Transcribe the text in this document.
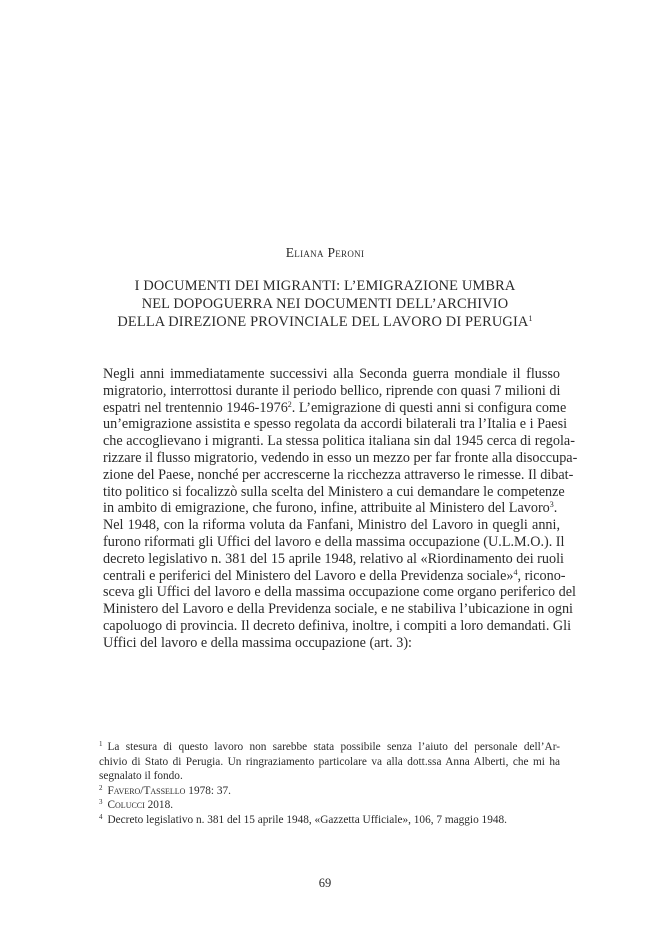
Eliana Peroni
I DOCUMENTI DEI MIGRANTI: L’EMIGRAZIONE UMBRA
NEL DOPOGUERRA NEI DOCUMENTI DELL’ARCHIVIO
DELLA DIREZIONE PROVINCIALE DEL LAVORO DI PERUGIA$^1$

Negli anni immediatamente successivi alla Seconda guerra mondiale il flusso
migratorio, interrottosi durante il periodo bellico, riprende con quasi 7 milioni di
espatri nel trentennio 1946-1976$^2$. L’emigrazione di questi anni si configura come
un’emigrazione assistita e spesso regolata da accordi bilaterali tra l’Italia e i Paesi
che accoglievano i migranti. La stessa politica italiana sin dal 1945 cerca di regola-
rizzare il flusso migratorio, vedendo in esso un mezzo per far fronte alla disoccupa-
zione del Paese, nonché per accrescerne la ricchezza attraverso le rimesse. Il dibat-
tito politico si focalizzò sulla scelta del Ministero a cui demandare le competenze
in ambito di emigrazione, che furono, infine, attribuite al Ministero del Lavoro$^3$.

Nel 1948, con la riforma voluta da Fanfani, Ministro del Lavoro in quegli anni,
furono riformati gli Uffici del lavoro e della massima occupazione (U.L.M.O.). Il
decreto legislativo n. 381 del 15 aprile 1948, relativo al «Riordinamento dei ruoli
centrali e periferici del Ministero del Lavoro e della Previdenza sociale»$^4$, ricono-
sceva gli Uffici del lavoro e della massima occupazione come organo periferico del
Ministero del Lavoro e della Previdenza sociale, e ne stabiliva l’ubicazione in ogni
capoluogo di provincia. Il decreto definiva, inoltre, i compiti a loro demandati. Gli
Uffici del lavoro e della massima occupazione (art. 3):

$^1$ La stesura di questo lavoro non sarebbe stata possibile senza l’aiuto del personale dell’Ar-
chivio di Stato di Perugia. Un ringraziamento particolare va alla dott.ssa Anna Alberti, che mi ha
segnalato il fondo.
$^2$ Favero/Tassello 1978: 37.
$^3$ Colucci 2018.
$^4$ Decreto legislativo n. 381 del 15 aprile 1948, «Gazzetta Ufficiale», 106, 7 maggio 1948.
69
